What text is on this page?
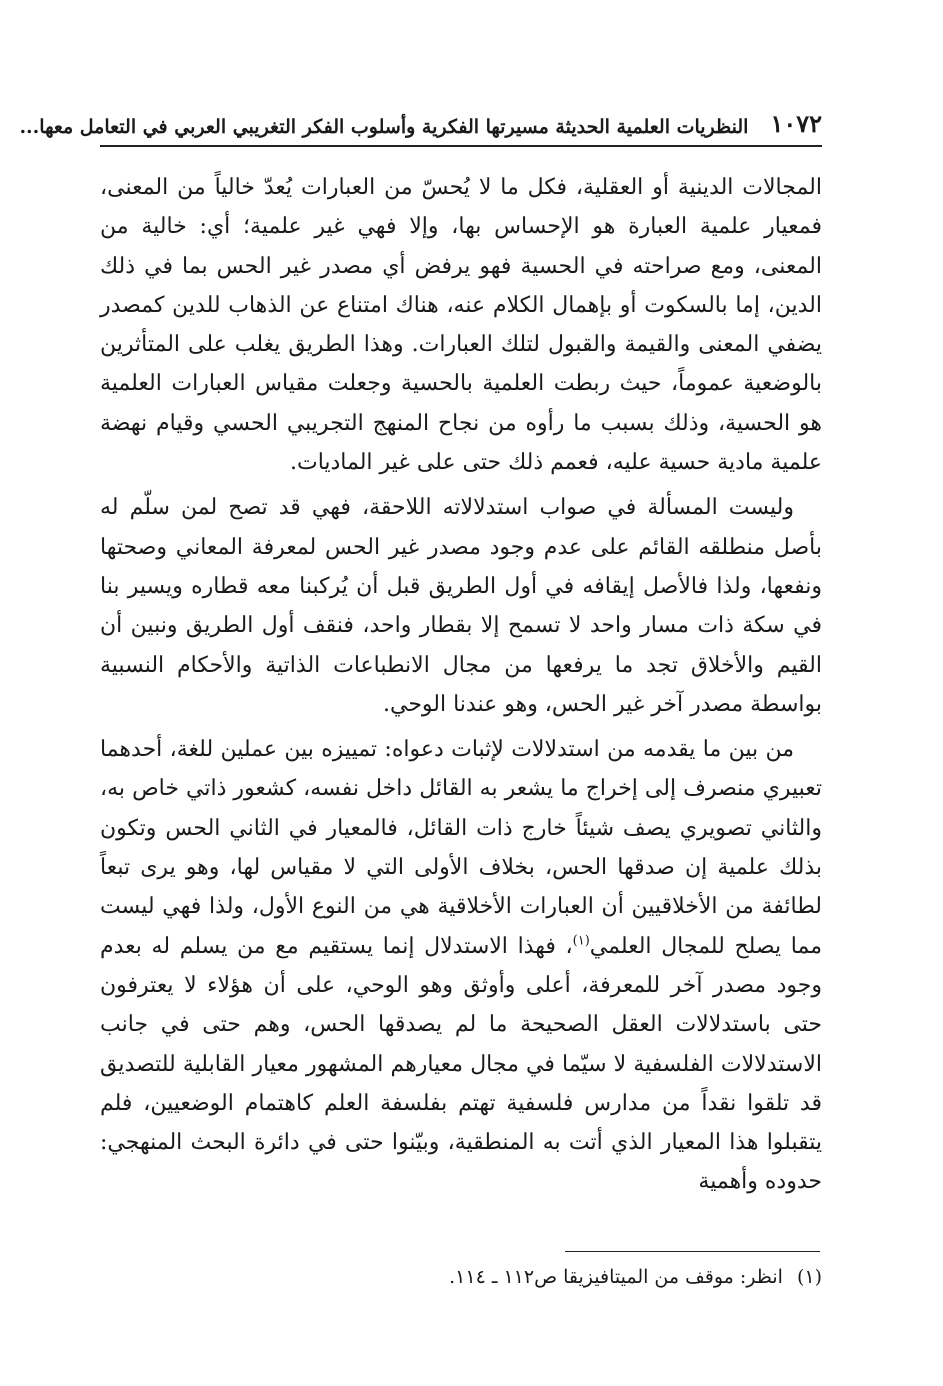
١٠٧٢
النظريات العلمية الحديثة مسيرتها الفكرية وأسلوب الفكر التغريبي العربي في التعامل معها...

المجالات الدينية أو العقلية، فكل ما لا يُحسّ من العبارات يُعدّ خالياً من المعنى، فمعيار علمية العبارة هو الإحساس بها، وإلا فهي غير علمية؛ أي: خالية من المعنى، ومع صراحته في الحسية فهو يرفض أي مصدر غير الحس بما في ذلك الدين، إما بالسكوت أو بإهمال الكلام عنه، هناك امتناع عن الذهاب للدين كمصدر يضفي المعنى والقيمة والقبول لتلك العبارات. وهذا الطريق يغلب على المتأثرين بالوضعية عموماً، حيث ربطت العلمية بالحسية وجعلت مقياس العبارات العلمية هو الحسية، وذلك بسبب ما رأوه من نجاح المنهج التجريبي الحسي وقيام نهضة علمية مادية حسية عليه، فعمم ذلك حتى على غير الماديات.

وليست المسألة في صواب استدلالاته اللاحقة، فهي قد تصح لمن سلّم له بأصل منطلقه القائم على عدم وجود مصدر غير الحس لمعرفة المعاني وصحتها ونفعها، ولذا فالأصل إيقافه في أول الطريق قبل أن يُركبنا معه قطاره ويسير بنا في سكة ذات مسار واحد لا تسمح إلا بقطار واحد، فنقف أول الطريق ونبين أن القيم والأخلاق تجد ما يرفعها من مجال الانطباعات الذاتية والأحكام النسبية بواسطة مصدر آخر غير الحس، وهو عندنا الوحي.

من بين ما يقدمه من استدلالات لإثبات دعواه: تمييزه بين عملين للغة، أحدهما تعبيري منصرف إلى إخراج ما يشعر به القائل داخل نفسه، كشعور ذاتي خاص به، والثاني تصويري يصف شيئاً خارج ذات القائل، فالمعيار في الثاني الحس وتكون بذلك علمية إن صدقها الحس، بخلاف الأولى التي لا مقياس لها، وهو يرى تبعاً لطائفة من الأخلاقيين أن العبارات الأخلاقية هي من النوع الأول، ولذا فهي ليست مما يصلح للمجال العلمي$^{(١)}$، فهذا الاستدلال إنما يستقيم مع من يسلم له بعدم وجود مصدر آخر للمعرفة، أعلى وأوثق وهو الوحي، على أن هؤلاء لا يعترفون حتى باستدلالات العقل الصحيحة ما لم يصدقها الحس، وهم حتى في جانب الاستدلالات الفلسفية لا سيّما في مجال معيارهم المشهور معيار القابلية للتصديق قد تلقوا نقداً من مدارس فلسفية تهتم بفلسفة العلم كاهتمام الوضعيين، فلم يتقبلوا هذا المعيار الذي أتت به المنطقية، وبيّنوا حتى في دائرة البحث المنهجي: حدوده وأهمية

(١)انظر: موقف من الميتافيزيقا ص١١٢ ـ ١١٤.
